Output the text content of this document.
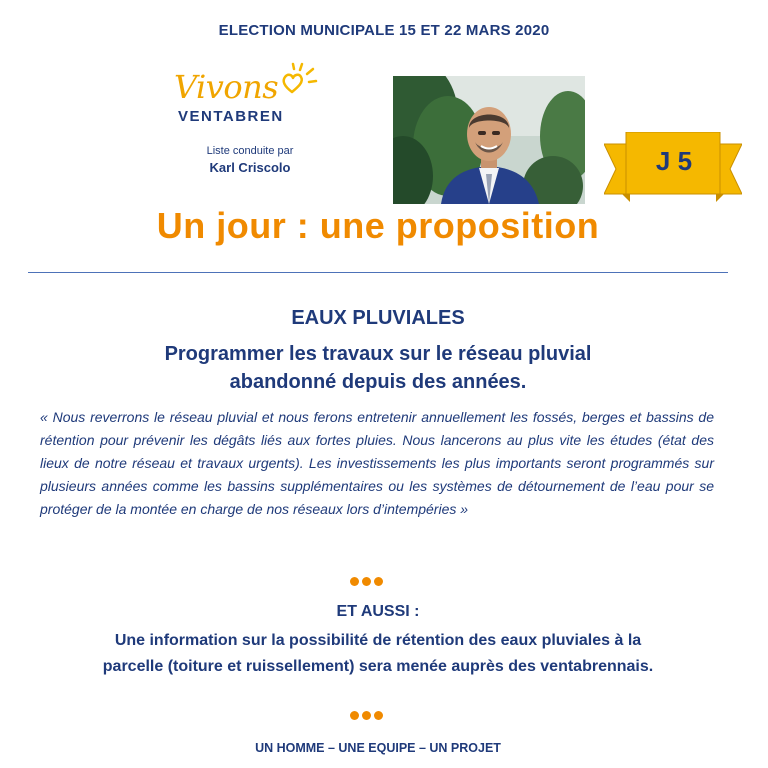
ELECTION MUNICIPALE 15 ET 22 MARS 2020
Vivons
VENTABREN
Liste conduite par
Karl Criscolo	J 5
Un jour : une proposition
EAUX PLUVIALES
Programmer les travaux sur le réseau pluvial
abandonné depuis des années.
« Nous reverrons le réseau pluvial et nous ferons entretenir annuellement les fossés, berges et bassins de rétention pour prévenir les dégâts liés aux fortes pluies. Nous lancerons au plus vite les études (état des lieux de notre réseau et travaux urgents). Les investissements les plus importants seront programmés sur plusieurs années comme les bassins supplémentaires ou les systèmes de détournement de l’eau pour se protéger de la montée en charge de nos réseaux lors d’intempéries »
ET AUSSI :
Une information sur la possibilité de rétention des eaux pluviales à la
parcelle (toiture et ruissellement) sera menée auprès des ventabrennais.
UN HOMME – UNE EQUIPE – UN PROJET
